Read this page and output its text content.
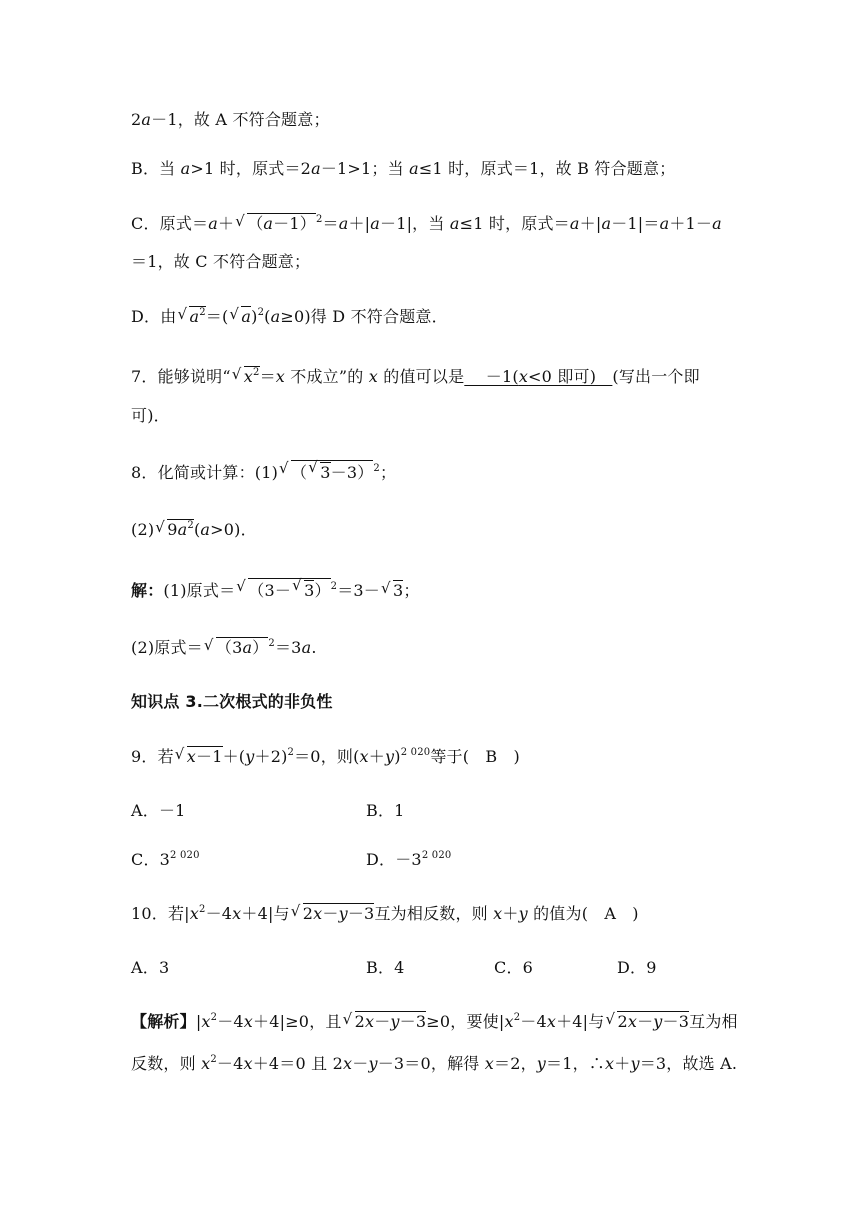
2a－1，故 A 不符合题意；
B．当 a>1 时，原式＝2a－1>1；当 a≤1 时，原式＝1，故 B 符合题意；
C．原式＝a＋ √ $(a-1)^2=a+|a-1|$，当 a≤1 时，原式＝a＋|a－1|＝a＋1－a
＝1，故 C 不符合题意；
D．由 √ $a^2=$( √ a)$^2$(a≥0)得 D 不符合题意．
7．能够说明“ √ $x^2=x$ 不成立”的 x 的值可以是　 －1(x<0 即可)　(写出一个即
可)．
8．化简或计算：(1) √ （ √ 3－3）$^2$；
(2) √ $9a^2(a>0)$．
解：(1)原式＝ √ （3－ √ 3）$^2$＝3－ √ 3；
(2)原式＝ √ $(3a)^2=3a$.
知识点 3.二次根式的非负性
9．若 √ $x-1+(y+2)^2=0$，则$(x+y)^{2 020}$等于(　B　)
A．－1	B．1
C．$3^{2 020}$	D．$-3^{2 020}$
10．若$|x^2-4x+4|$与 √ 2x－y－3互为相反数，则 x＋y 的值为(　A　)
A．3	B．4	C．6	D．9
【解析】$|x^2-4x+4|\ge 0$，且 √ 2x－y－3≥0，要使$|x^2-4x+4|$与 √ 2x－y－3互为相
反数，则 $x^2-4x+4=0$ 且 2x－y－3＝0，解得 x＝2，y＝1，∴x＋y＝3，故选 A.
